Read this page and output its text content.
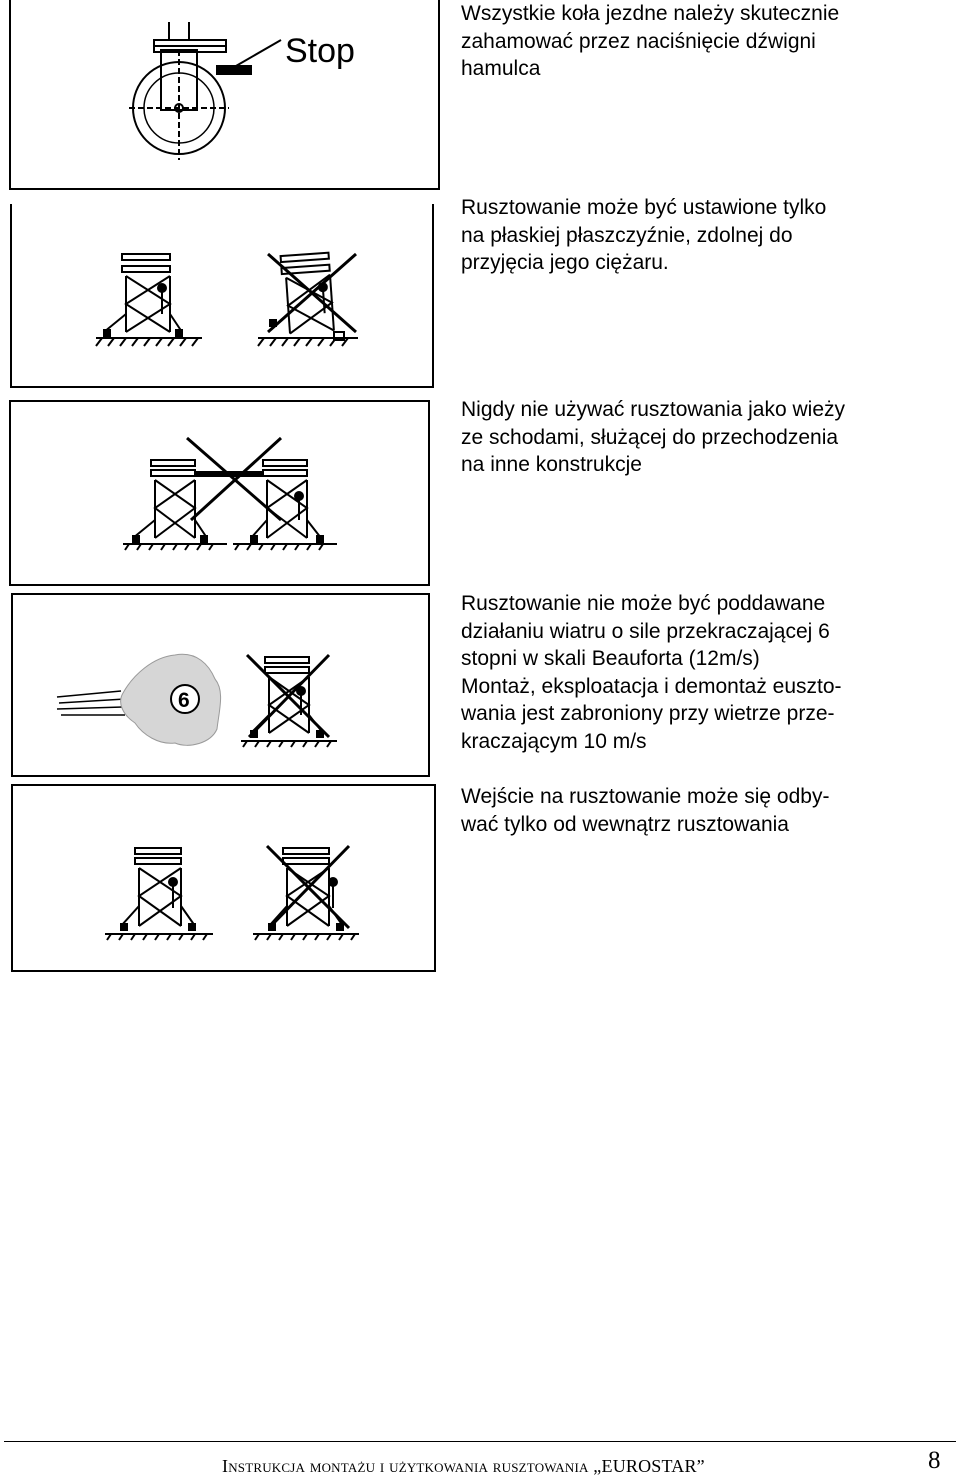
Stop

Wszystkie koła jezdne należy skutecznie

zahamować przez naciśnięcie dźwigni

hamulca

Rusztowanie może być ustawione tylko

na płaskiej płaszczyźnie, zdolnej do

przyjęcia jego ciężaru.

Nigdy nie używać rusztowania jako wieży

ze schodami, służącej do przechodzenia

na inne konstrukcje

6

Rusztowanie nie może być poddawane

działaniu wiatru o sile przekraczającej 6

stopni w skali Beauforta (12m/s)

Montaż, eksploatacja i demontaż euszto-

wania jest zabroniony przy wietrze prze-

kraczającym 10 m/s

Wejście na rusztowanie może się odby-

wać tylko od wewnątrz rusztowania

Instrukcja montażu i użytkowania rusztowania „EUROSTAR”	8
